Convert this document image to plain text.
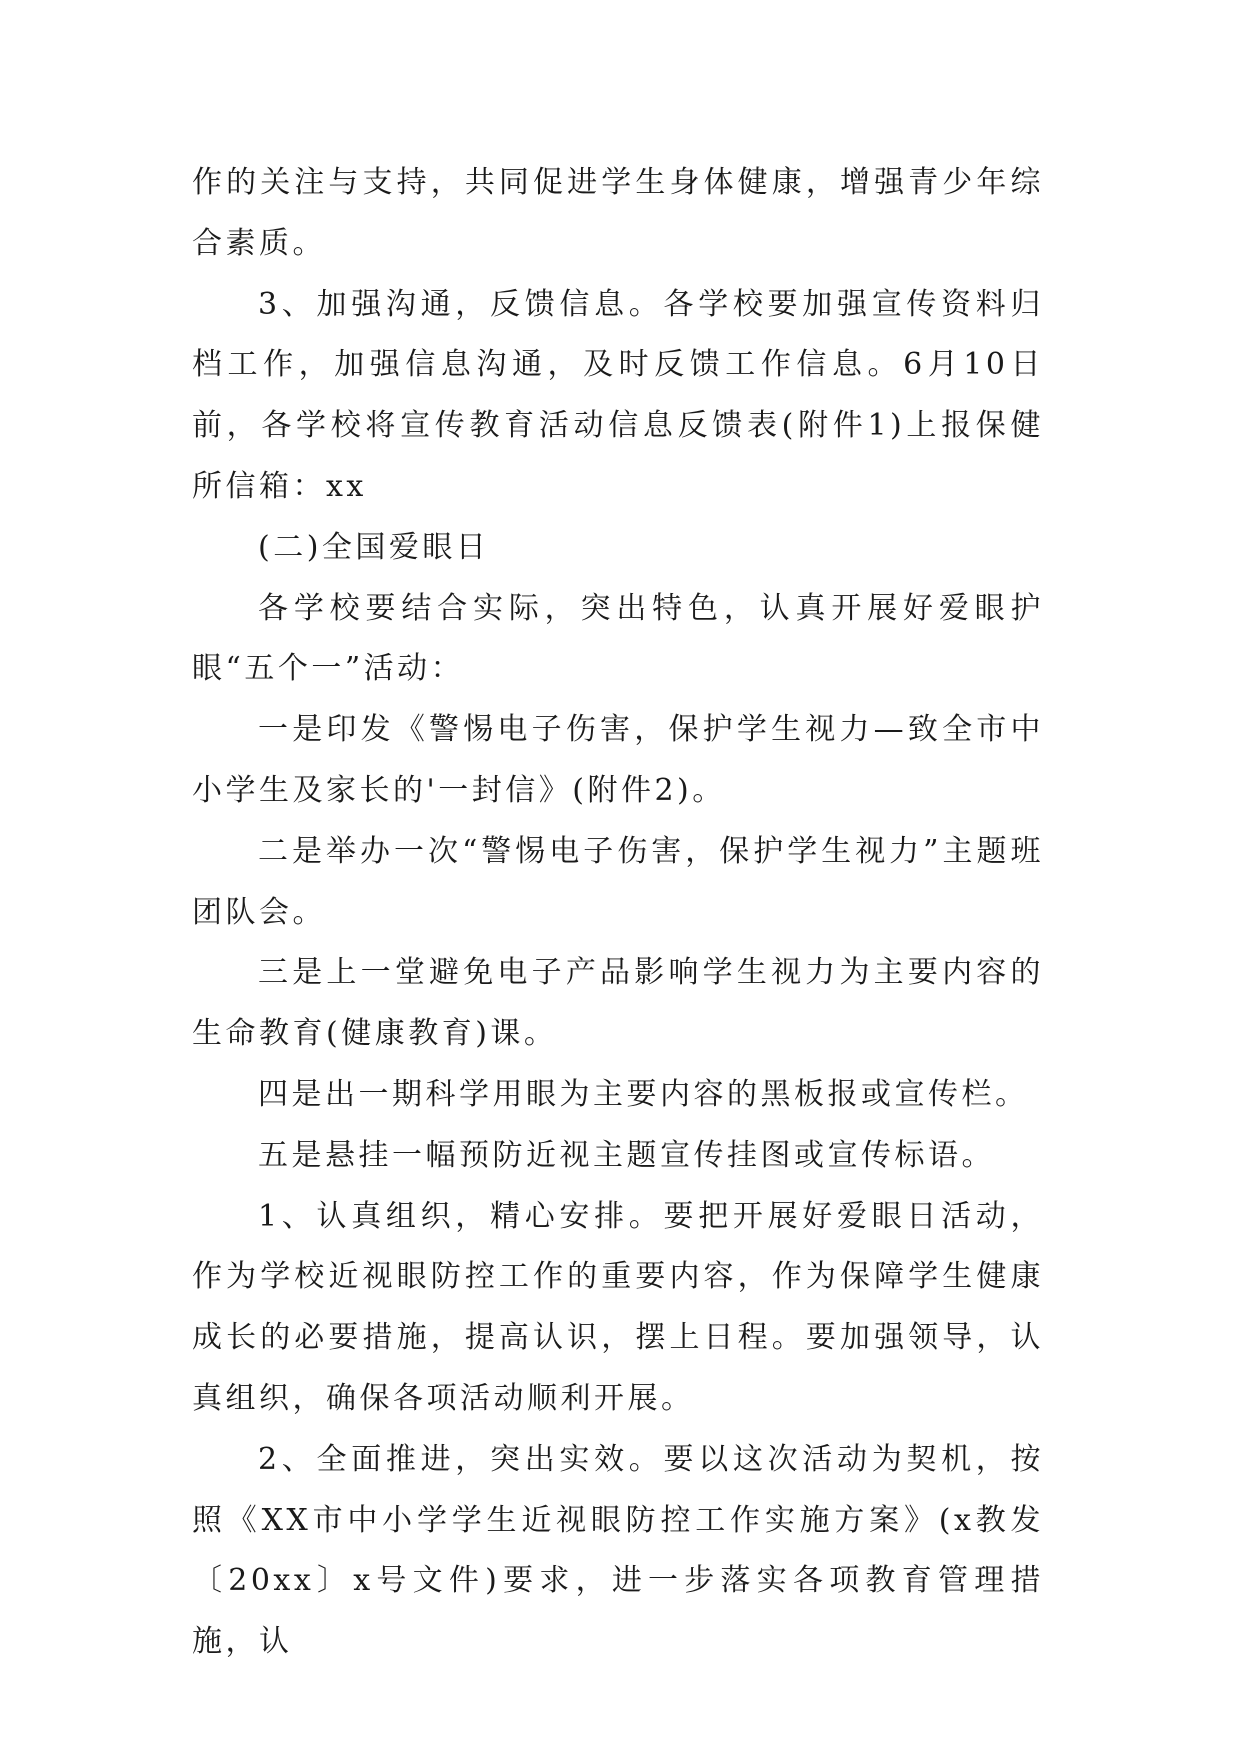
作的关注与支持，共同促进学生身体健康，增强青少年综合素质。

3、加强沟通，反馈信息。各学校要加强宣传资料归档工作，加强信息沟通，及时反馈工作信息。6月10日前，各学校将宣传教育活动信息反馈表(附件1)上报保健所信箱：xx

(二)全国爱眼日

各学校要结合实际，突出特色，认真开展好爱眼护眼“五个一”活动：

一是印发《警惕电子伤害，保护学生视力—致全市中小学生及家长的'一封信》(附件2)。

二是举办一次“警惕电子伤害，保护学生视力”主题班团队会。

三是上一堂避免电子产品影响学生视力为主要内容的生命教育(健康教育)课。

四是出一期科学用眼为主要内容的黑板报或宣传栏。

五是悬挂一幅预防近视主题宣传挂图或宣传标语。

1、认真组织，精心安排。要把开展好爱眼日活动，作为学校近视眼防控工作的重要内容，作为保障学生健康成长的必要措施，提高认识，摆上日程。要加强领导，认真组织，确保各项活动顺利开展。

2、全面推进，突出实效。要以这次活动为契机，按照《XX市中小学学生近视眼防控工作实施方案》(x教发〔20xx〕x号文件)要求，进一步落实各项教育管理措施，认
